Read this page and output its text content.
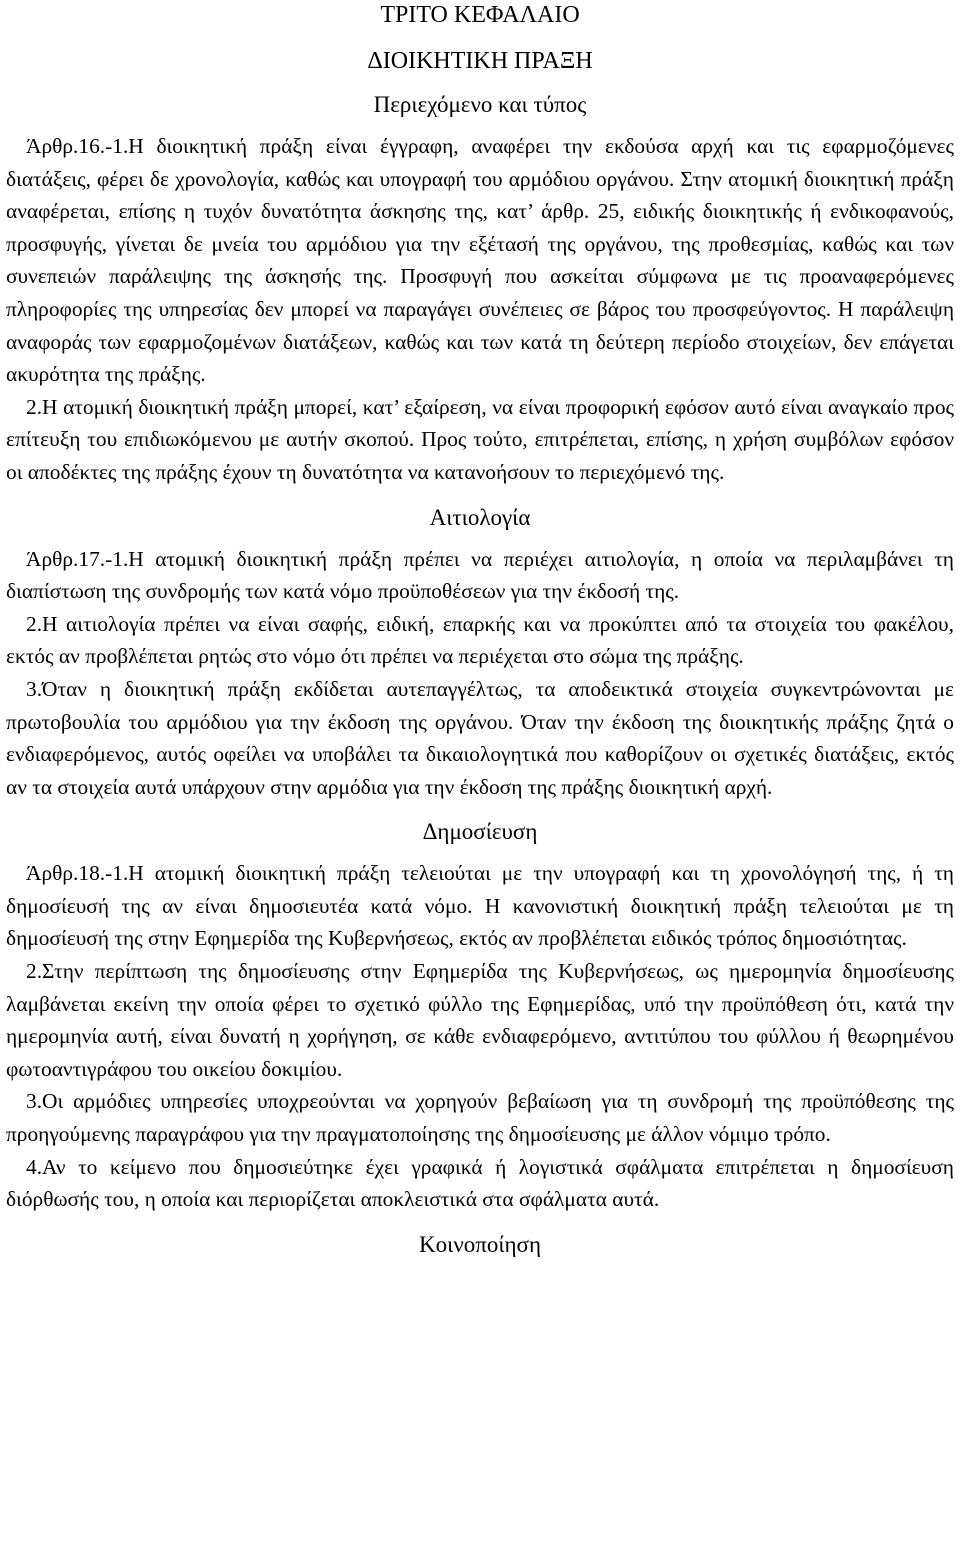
ΤΡΙΤΟ ΚΕΦΑΛΑΙΟ

ΔΙΟΙΚΗΤΙΚΗ ΠΡΑΞΗ

Περιεχόμενο και τύπος

Άρθρ.16.-1.Η διοικητική πράξη είναι έγγραφη, αναφέρει την εκδούσα αρχή και τις εφαρμοζόμενες διατάξεις, φέρει δε χρονολογία, καθώς και υπογραφή του αρμόδιου οργάνου. Στην ατομική διοικητική πράξη αναφέρεται, επίσης η τυχόν δυνατότητα άσκησης της, κατ’ άρθρ. 25, ειδικής διοικητικής ή ενδικοφανούς, προσφυγής, γίνεται δε μνεία του αρμόδιου για την εξέτασή της οργάνου, της προθεσμίας, καθώς και των συνεπειών παράλειψης της άσκησής της. Προσφυγή που ασκείται σύμφωνα με τις προαναφερόμενες πληροφορίες της υπηρεσίας δεν μπορεί να παραγάγει συνέπειες σε βάρος του προσφεύγοντος. Η παράλειψη αναφοράς των εφαρμοζομένων διατάξεων, καθώς και των κατά τη δεύτερη περίοδο στοιχείων, δεν επάγεται ακυρότητα της πράξης.

2.Η ατομική διοικητική πράξη μπορεί, κατ’ εξαίρεση, να είναι προφορική εφόσον αυτό είναι αναγκαίο προς επίτευξη του επιδιωκόμενου με αυτήν σκοπού. Προς τούτο, επιτρέπεται, επίσης, η χρήση συμβόλων εφόσον οι αποδέκτες της πράξης έχουν τη δυνατότητα να κατανοήσουν το περιεχόμενό της.

Αιτιολογία

Άρθρ.17.-1.Η ατομική διοικητική πράξη πρέπει να περιέχει αιτιολογία, η οποία να περιλαμβάνει τη διαπίστωση της συνδρομής των κατά νόμο προϋποθέσεων για την έκδοσή της.

2.Η αιτιολογία πρέπει να είναι σαφής, ειδική, επαρκής και να προκύπτει από τα στοιχεία του φακέλου, εκτός αν προβλέπεται ρητώς στο νόμο ότι πρέπει να περιέχεται στο σώμα της πράξης.

3.Όταν η διοικητική πράξη εκδίδεται αυτεπαγγέλτως, τα αποδεικτικά στοιχεία συγκεντρώνονται με πρωτοβουλία του αρμόδιου για την έκδοση της οργάνου. Όταν την έκδοση της διοικητικής πράξης ζητά ο ενδιαφερόμενος, αυτός οφείλει να υποβάλει τα δικαιολογητικά που καθορίζουν οι σχετικές διατάξεις, εκτός αν τα στοιχεία αυτά υπάρχουν στην αρμόδια για την έκδοση της πράξης διοικητική αρχή.

Δημοσίευση

Άρθρ.18.-1.Η ατομική διοικητική πράξη τελειούται με την υπογραφή και τη χρονολόγησή της, ή τη δημοσίευσή της αν είναι δημοσιευτέα κατά νόμο. Η κανονιστική διοικητική πράξη τελειούται με τη δημοσίευσή της στην Εφημερίδα της Κυβερνήσεως, εκτός αν προβλέπεται ειδικός τρόπος δημοσιότητας.

2.Στην περίπτωση της δημοσίευσης στην Εφημερίδα της Κυβερνήσεως, ως ημερομηνία δημοσίευσης λαμβάνεται εκείνη την οποία φέρει το σχετικό φύλλο της Εφημερίδας, υπό την προϋπόθεση ότι, κατά την ημερομηνία αυτή, είναι δυνατή η χορήγηση, σε κάθε ενδιαφερόμενο, αντιτύπου του φύλλου ή θεωρημένου φωτοαντιγράφου του οικείου δοκιμίου.

3.Οι αρμόδιες υπηρεσίες υποχρεούνται να χορηγούν βεβαίωση για τη συνδρομή της προϋπόθεσης της προηγούμενης παραγράφου για την πραγματοποίησης της δημοσίευσης με άλλον νόμιμο τρόπο.

4.Αν το κείμενο που δημοσιεύτηκε έχει γραφικά ή λογιστικά σφάλματα επιτρέπεται η δημοσίευση διόρθωσής του, η οποία και περιορίζεται αποκλειστικά στα σφάλματα αυτά.

Κοινοποίηση
